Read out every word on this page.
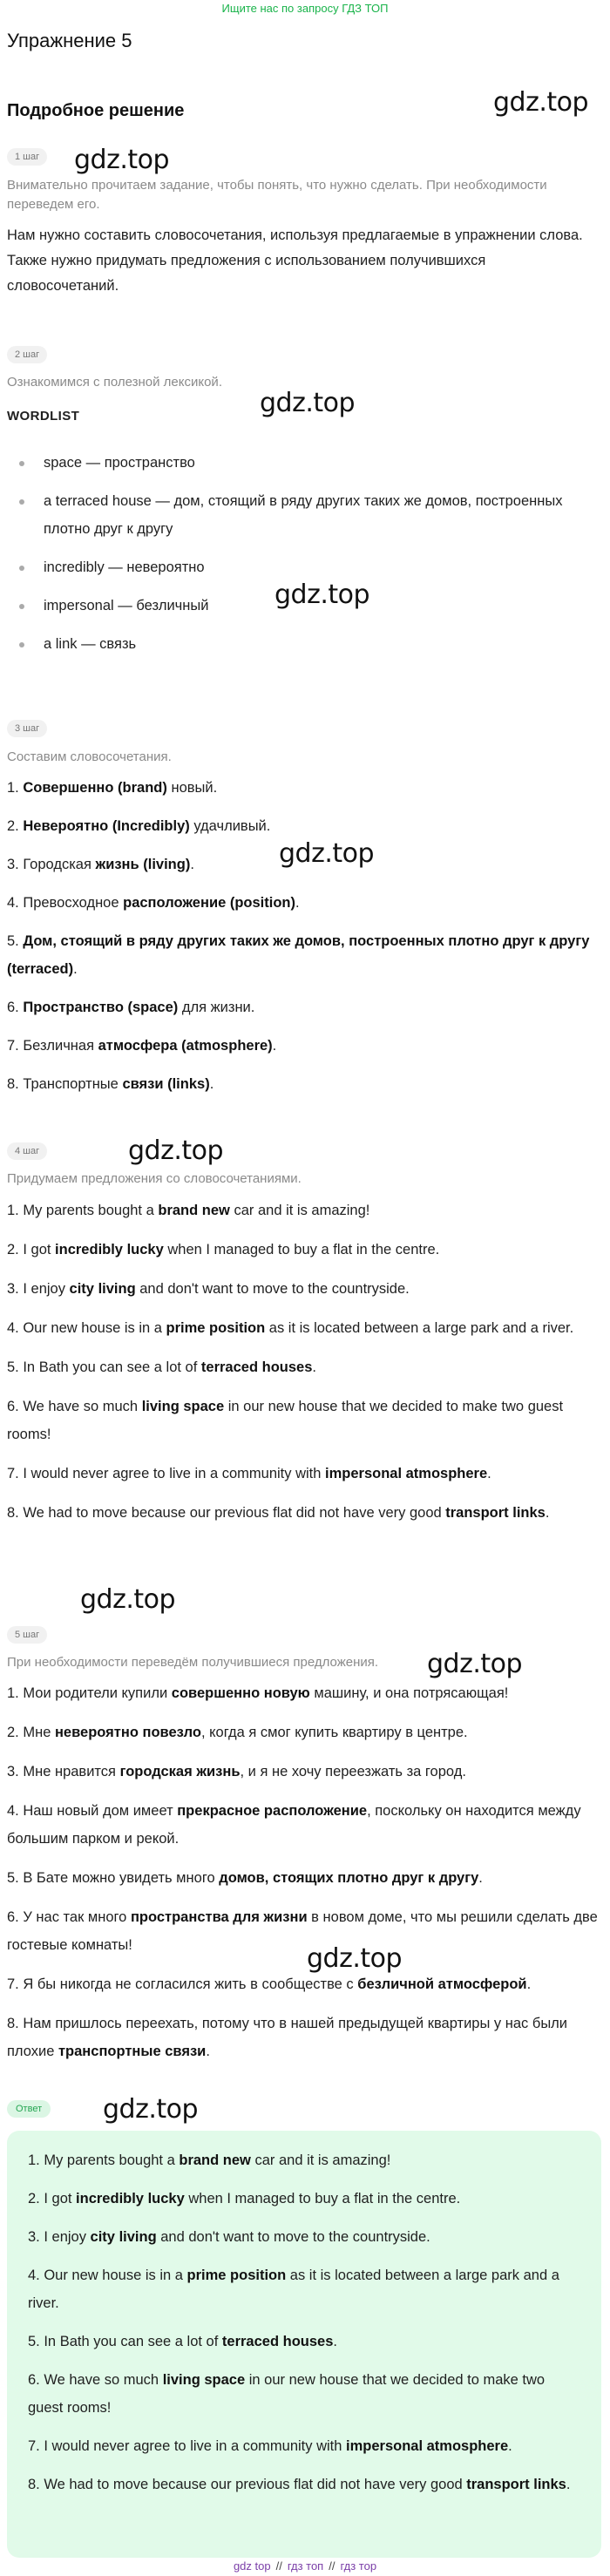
Ищите нас по запросу ГДЗ ТОП
Упражнение 5
Подробное решение	gdz.top
gdz.top
gdz.top
gdz.top
gdz.top
gdz.top
gdz.top
gdz.top
gdz.top
gdz.top
1 шаг
Внимательно прочитаем задание, чтобы понять, что нужно сделать. При необходимости переведем его.
Нам нужно составить словосочетания, используя предлагаемые в упражнении слова. Также нужно придумать предложения с использованием получившихся словосочетаний.
2 шаг
Ознакомимся с полезной лексикой.
WORDLIST
space — пространство
a terraced house — дом, стоящий в ряду других таких же домов, построенных плотно друг к другу
incredibly — невероятно
impersonal — безличный
a link — связь
3 шаг
Составим словосочетания.
1. Совершенно (brand) новый.
2. Невероятно (Incredibly) удачливый.
3. Городская жизнь (living).
4. Превосходное расположение (position).
5. Дом, стоящий в ряду других таких же домов, построенных плотно друг к другу (terraced).
6. Пространство (space) для жизни.
7. Безличная атмосфера (atmosphere).
8. Транспортные связи (links).
4 шаг
Придумаем предложения со словосочетаниями.
1. My parents bought a brand new car and it is amazing!
2. I got incredibly lucky when I managed to buy a flat in the centre.
3. I enjoy city living and don't want to move to the countryside.
4. Our new house is in a prime position as it is located between a large park and a river.
5. In Bath you can see a lot of terraced houses.
6. We have so much living space in our new house that we decided to make two guest rooms!
7. I would never agree to live in a community with impersonal atmosphere.
8. We had to move because our previous flat did not have very good transport links.
5 шаг
При необходимости переведём получившиеся предложения.
1. Мои родители купили совершенно новую машину, и она потрясающая!
2. Мне невероятно повезло, когда я смог купить квартиру в центре.
3. Мне нравится городская жизнь, и я не хочу переезжать за город.
4. Наш новый дом имеет прекрасное расположение, поскольку он находится между большим парком и рекой.
5. В Бате можно увидеть много домов, стоящих плотно друг к другу.
6. У нас так много пространства для жизни в новом доме, что мы решили сделать две гостевые комнаты!
7. Я бы никогда не согласился жить в сообществе с безличной атмосферой.
8. Нам пришлось переехать, потому что в нашей предыдущей квартиры у нас были плохие транспортные связи.
Ответ
1. My parents bought a brand new car and it is amazing!
2. I got incredibly lucky when I managed to buy a flat in the centre.
3. I enjoy city living and don't want to move to the countryside.
4. Our new house is in a prime position as it is located between a large park and a river.
5. In Bath you can see a lot of terraced houses.
6. We have so much living space in our new house that we decided to make two guest rooms!
7. I would never agree to live in a community with impersonal atmosphere.
8. We had to move because our previous flat did not have very good transport links.
gdz top // гдз топ // гдз тор
